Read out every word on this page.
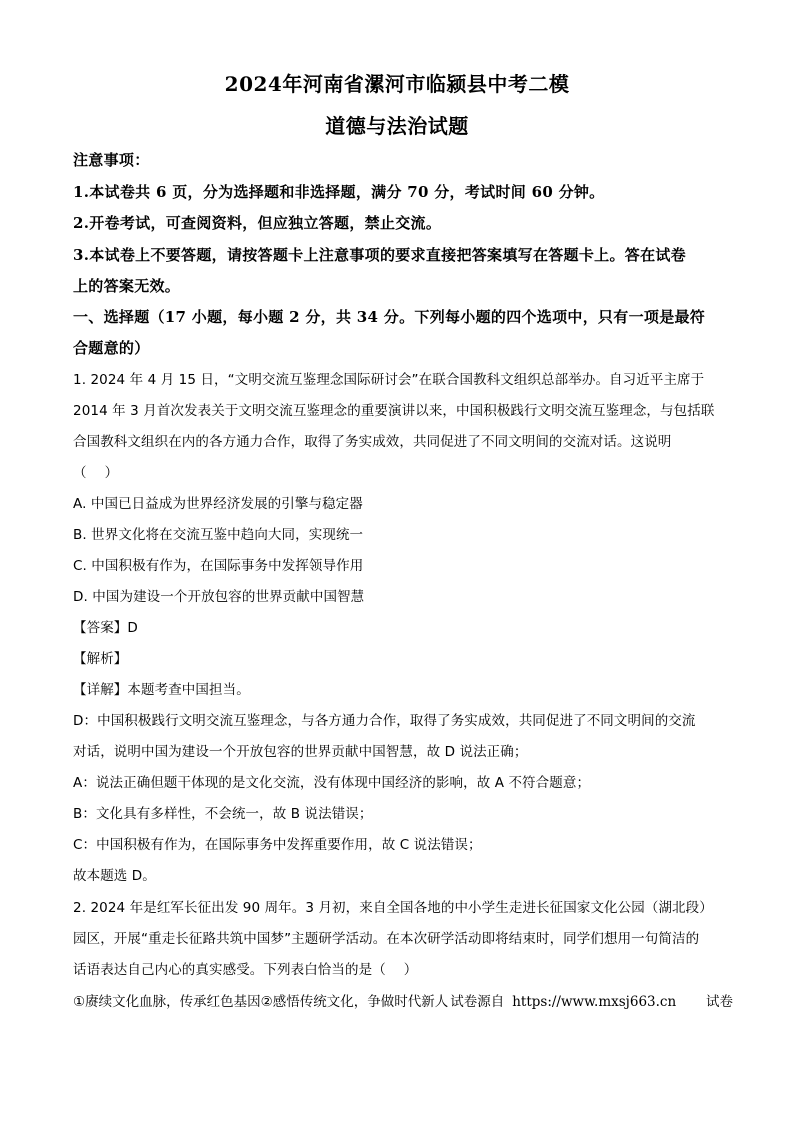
2024年河南省漯河市临颍县中考二模
道德与法治试题
注意事项：
1.本试卷共 6 页，分为选择题和非选择题，满分 70 分，考试时间 60 分钟。
2.开卷考试，可查阅资料，但应独立答题，禁止交流。
3.本试卷上不要答题，请按答题卡上注意事项的要求直接把答案填写在答题卡上。答在试卷
上的答案无效。
一、选择题（17 小题，每小题 2 分，共 34 分。下列每小题的四个选项中，只有一项是最符
合题意的）
1. 2024 年 4 月 15 日，“文明交流互鉴理念国际研讨会”在联合国教科文组织总部举办。自习近平主席于
2014 年 3 月首次发表关于文明交流互鉴理念的重要演讲以来，中国积极践行文明交流互鉴理念，与包括联
合国教科文组织在内的各方通力合作，取得了务实成效，共同促进了不同文明间的交流对话。这说明
（　 ）
A. 中国已日益成为世界经济发展的引擎与稳定器
B. 世界文化将在交流互鉴中趋向大同，实现统一
C. 中国积极有作为，在国际事务中发挥领导作用
D. 中国为建设一个开放包容的世界贡献中国智慧
【答案】D
【解析】
【详解】本题考查中国担当。
D：中国积极践行文明交流互鉴理念，与各方通力合作，取得了务实成效，共同促进了不同文明间的交流
对话，说明中国为建设一个开放包容的世界贡献中国智慧，故 D 说法正确；
A：说法正确但题干体现的是文化交流，没有体现中国经济的影响，故 A 不符合题意；
B：文化具有多样性，不会统一，故 B 说法错误；
C：中国积极有作为，在国际事务中发挥重要作用，故 C 说法错误；
故本题选 D。
2. 2024 年是红军长征出发 90 周年。3 月初，来自全国各地的中小学生走进长征国家文化公园（湖北段）
园区，开展“重走长征路共筑中国梦”主题研学活动。在本次研学活动即将结束时，同学们想用一句简洁的
话语表达自己内心的真实感受。下列表白恰当的是（　 ）
①赓续文化血脉，传承红色基因②感悟传统文化，争做时代新人 试卷源自 https://www.mxsj663.cn 试卷
